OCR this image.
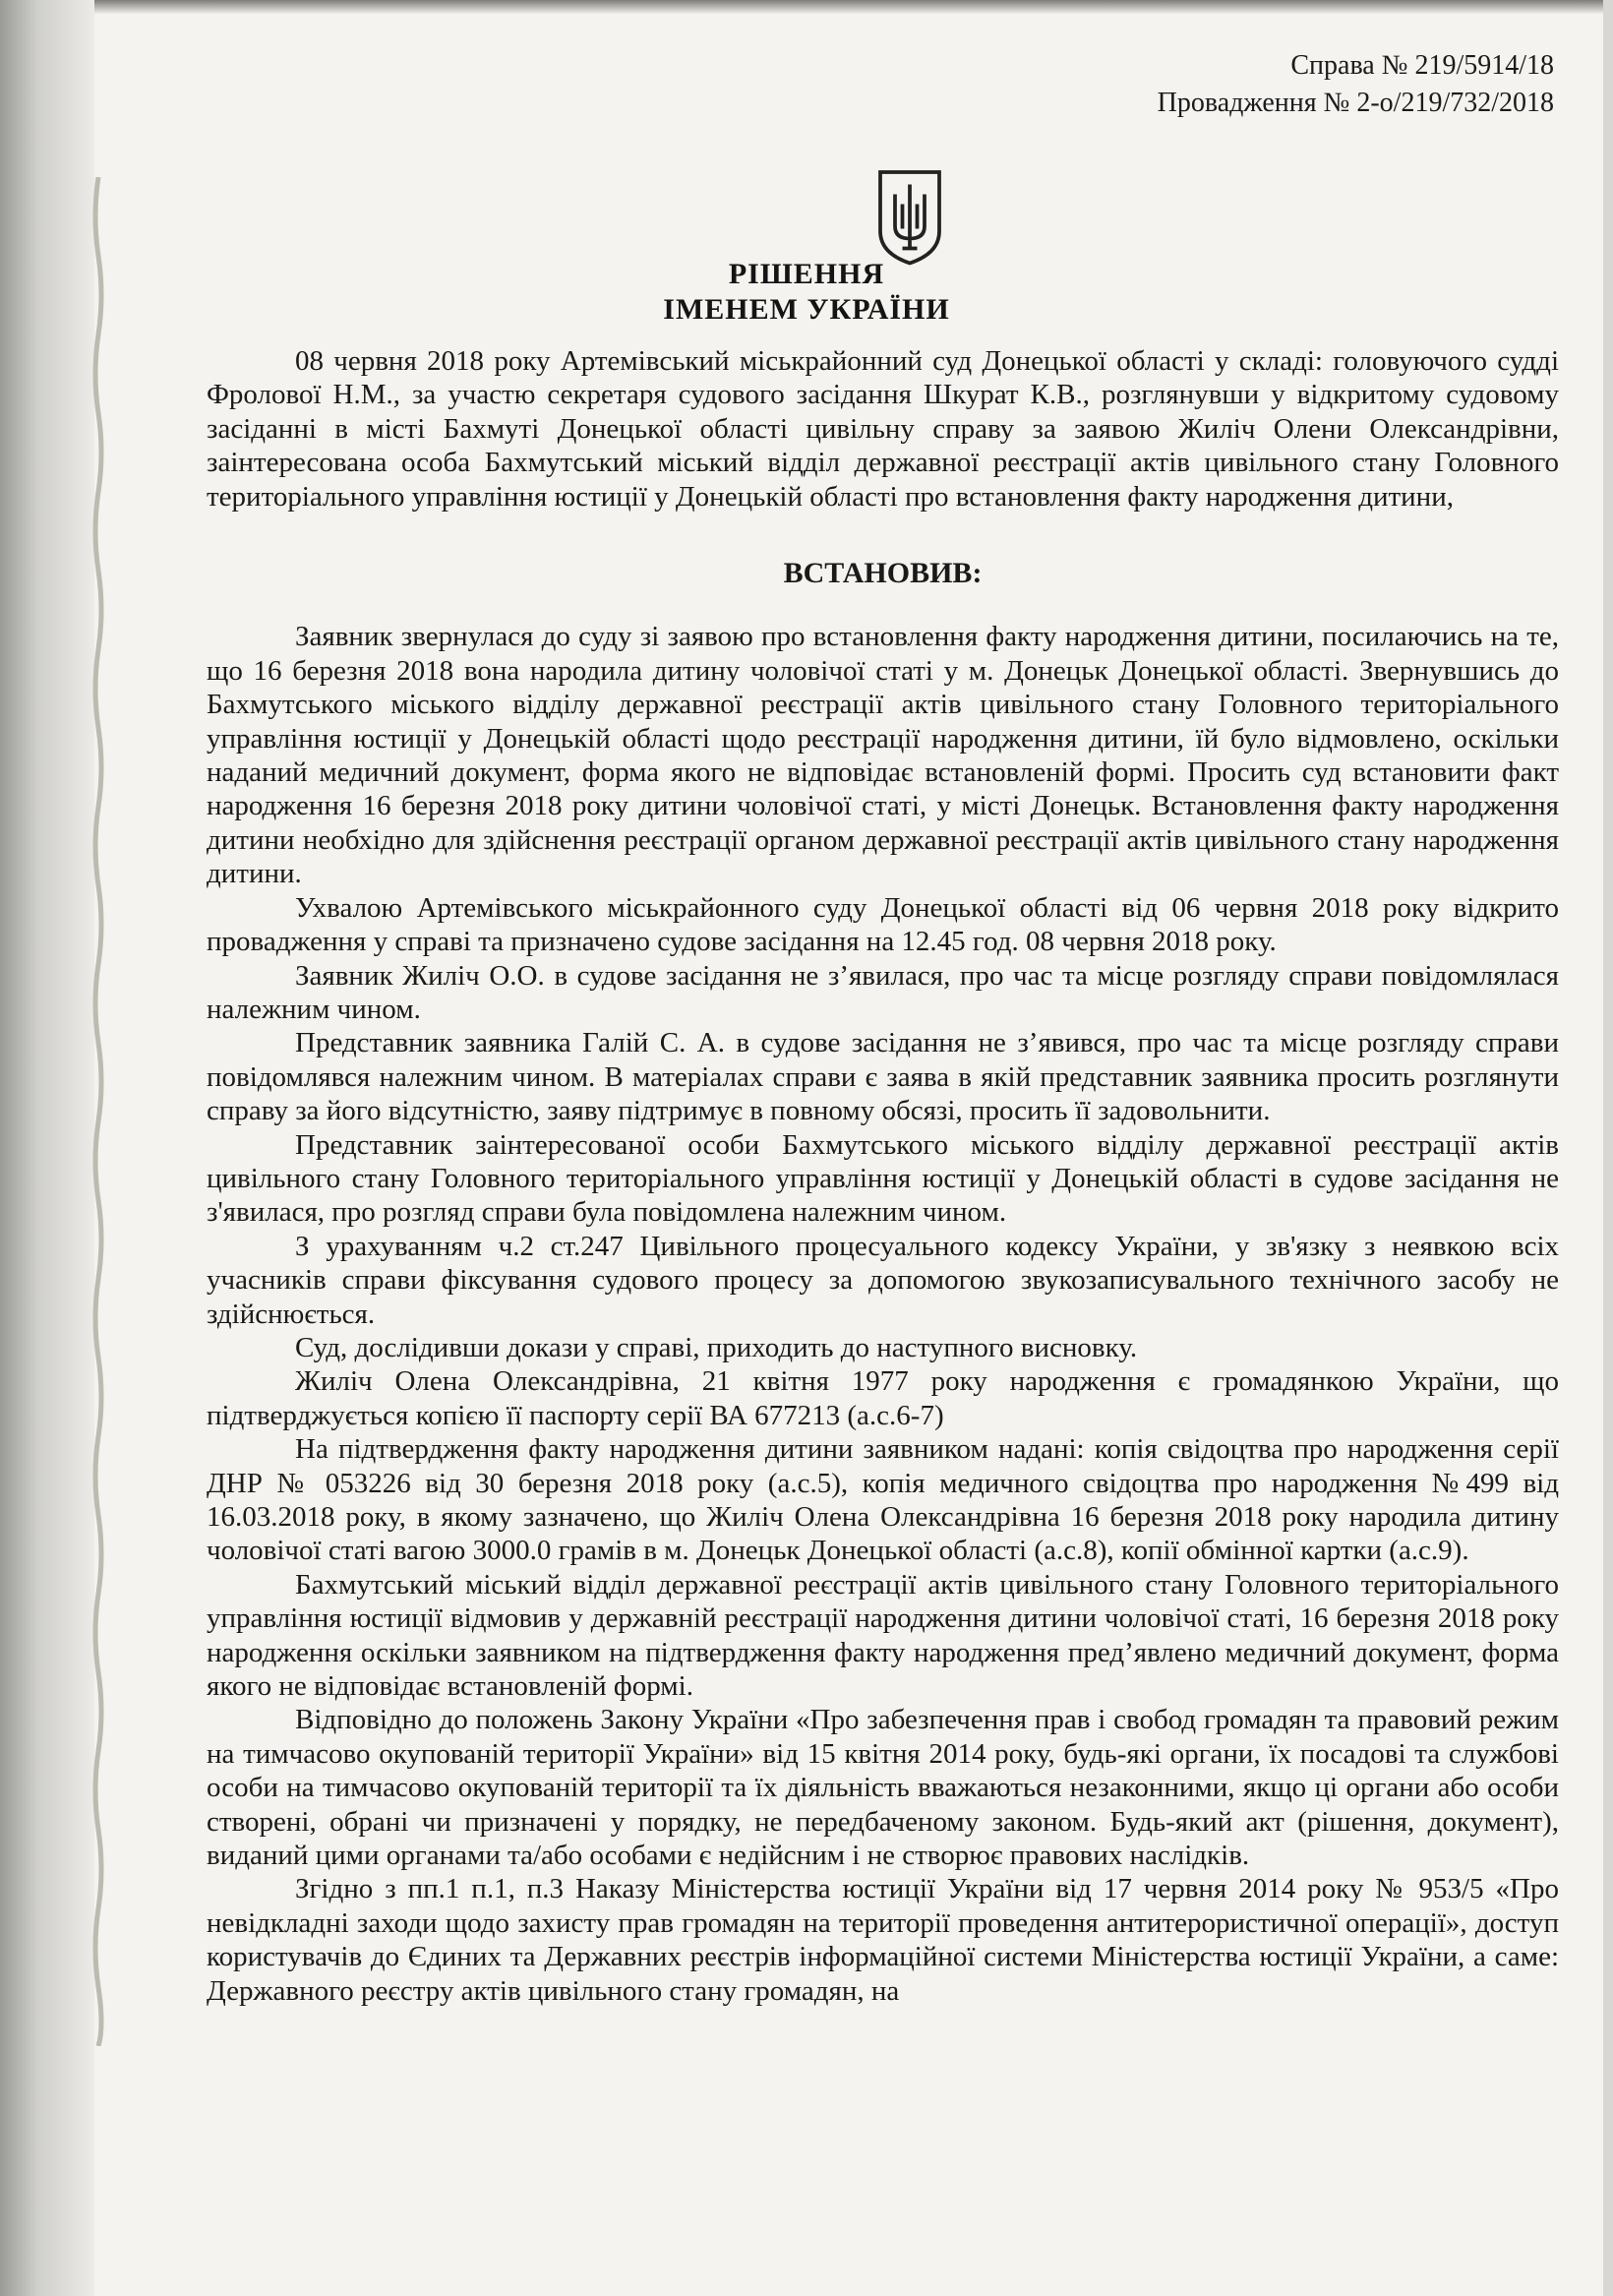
Справа № 219/5914/18
Провадження № 2-о/219/732/2018
РІШЕННЯ
ІМЕНЕМ УКРАЇНИ

08 червня 2018 року Артемівський міськрайонний суд Донецької області у складі: головуючого судді Фролової Н.М., за участю секретаря судового засідання Шкурат К.В., розглянувши у відкритому судовому засіданні в місті Бахмуті Донецької області цивільну справу за заявою Жиліч Олени Олександрівни, заінтересована особа Бахмутський міський відділ державної реєстрації актів цивільного стану Головного територіального управління юстиції у Донецькій області про встановлення факту народження дитини,

ВСТАНОВИВ:

Заявник звернулася до суду зі заявою про встановлення факту народження дитини, посилаючись на те, що 16 березня 2018 вона народила дитину чоловічої статі у м. Донецьк Донецької області. Звернувшись до Бахмутського міського відділу державної реєстрації актів цивільного стану Головного територіального управління юстиції у Донецькій області щодо реєстрації народження дитини, їй було відмовлено, оскільки наданий медичний документ, форма якого не відповідає встановленій формі. Просить суд встановити факт народження 16 березня 2018 року дитини чоловічої статі, у місті Донецьк. Встановлення факту народження дитини необхідно для здійснення реєстрації органом державної реєстрації актів цивільного стану народження дитини.

Ухвалою Артемівського міськрайонного суду Донецької області від 06 червня 2018 року відкрито провадження у справі та призначено судове засідання на 12.45 год. 08 червня 2018 року.

Заявник Жиліч О.О. в судове засідання не з’явилася, про час та місце розгляду справи повідомлялася належним чином.

Представник заявника Галій С. А. в судове засідання не з’явився, про час та місце розгляду справи повідомлявся належним чином. В матеріалах справи є заява в якій представник заявника просить розглянути справу за його відсутністю, заяву підтримує в повному обсязі, просить її задовольнити.

Представник заінтересованої особи Бахмутського міського відділу державної реєстрації актів цивільного стану Головного територіального управління юстиції у Донецькій області в судове засідання не з'явилася, про розгляд справи була повідомлена належним чином.

З урахуванням ч.2 ст.247 Цивільного процесуального кодексу України, у зв'язку з неявкою всіх учасників справи фіксування судового процесу за допомогою звукозаписувального технічного засобу не здійснюється.

Суд, дослідивши докази у справі, приходить до наступного висновку.

Жиліч Олена Олександрівна, 21 квітня 1977 року народження є громадянкою України, що підтверджується копією її паспорту серії ВА 677213 (а.с.6-7)

На підтвердження факту народження дитини заявником надані: копія свідоцтва про народження серії ДНР № 053226 від 30 березня 2018 року (а.с.5), копія медичного свідоцтва про народження №499 від 16.03.2018 року, в якому зазначено, що Жиліч Олена Олександрівна 16 березня 2018 року народила дитину чоловічої статі вагою 3000.0 грамів в м. Донецьк Донецької області (а.с.8), копії обмінної картки (а.с.9).

Бахмутський міський відділ державної реєстрації актів цивільного стану Головного територіального управління юстиції відмовив у державній реєстрації народження дитини чоловічої статі, 16 березня 2018 року народження оскільки заявником на підтвердження факту народження пред’явлено медичний документ, форма якого не відповідає встановленій формі.

Відповідно до положень Закону України «Про забезпечення прав і свобод громадян та правовий режим на тимчасово окупованій території України» від 15 квітня 2014 року, будь-які органи, їх посадові та службові особи на тимчасово окупованій території та їх діяльність вважаються незаконними, якщо ці органи або особи створені, обрані чи призначені у порядку, не передбаченому законом. Будь-який акт (рішення, документ), виданий цими органами та/або особами є недійсним і не створює правових наслідків.

Згідно з пп.1 п.1, п.3 Наказу Міністерства юстиції України від 17 червня 2014 року № 953/5 «Про невідкладні заходи щодо захисту прав громадян на території проведення антитерористичної операції», доступ користувачів до Єдиних та Державних реєстрів інформаційної системи Міністерства юстиції України, а саме: Державного реєстру актів цивільного стану громадян, на
